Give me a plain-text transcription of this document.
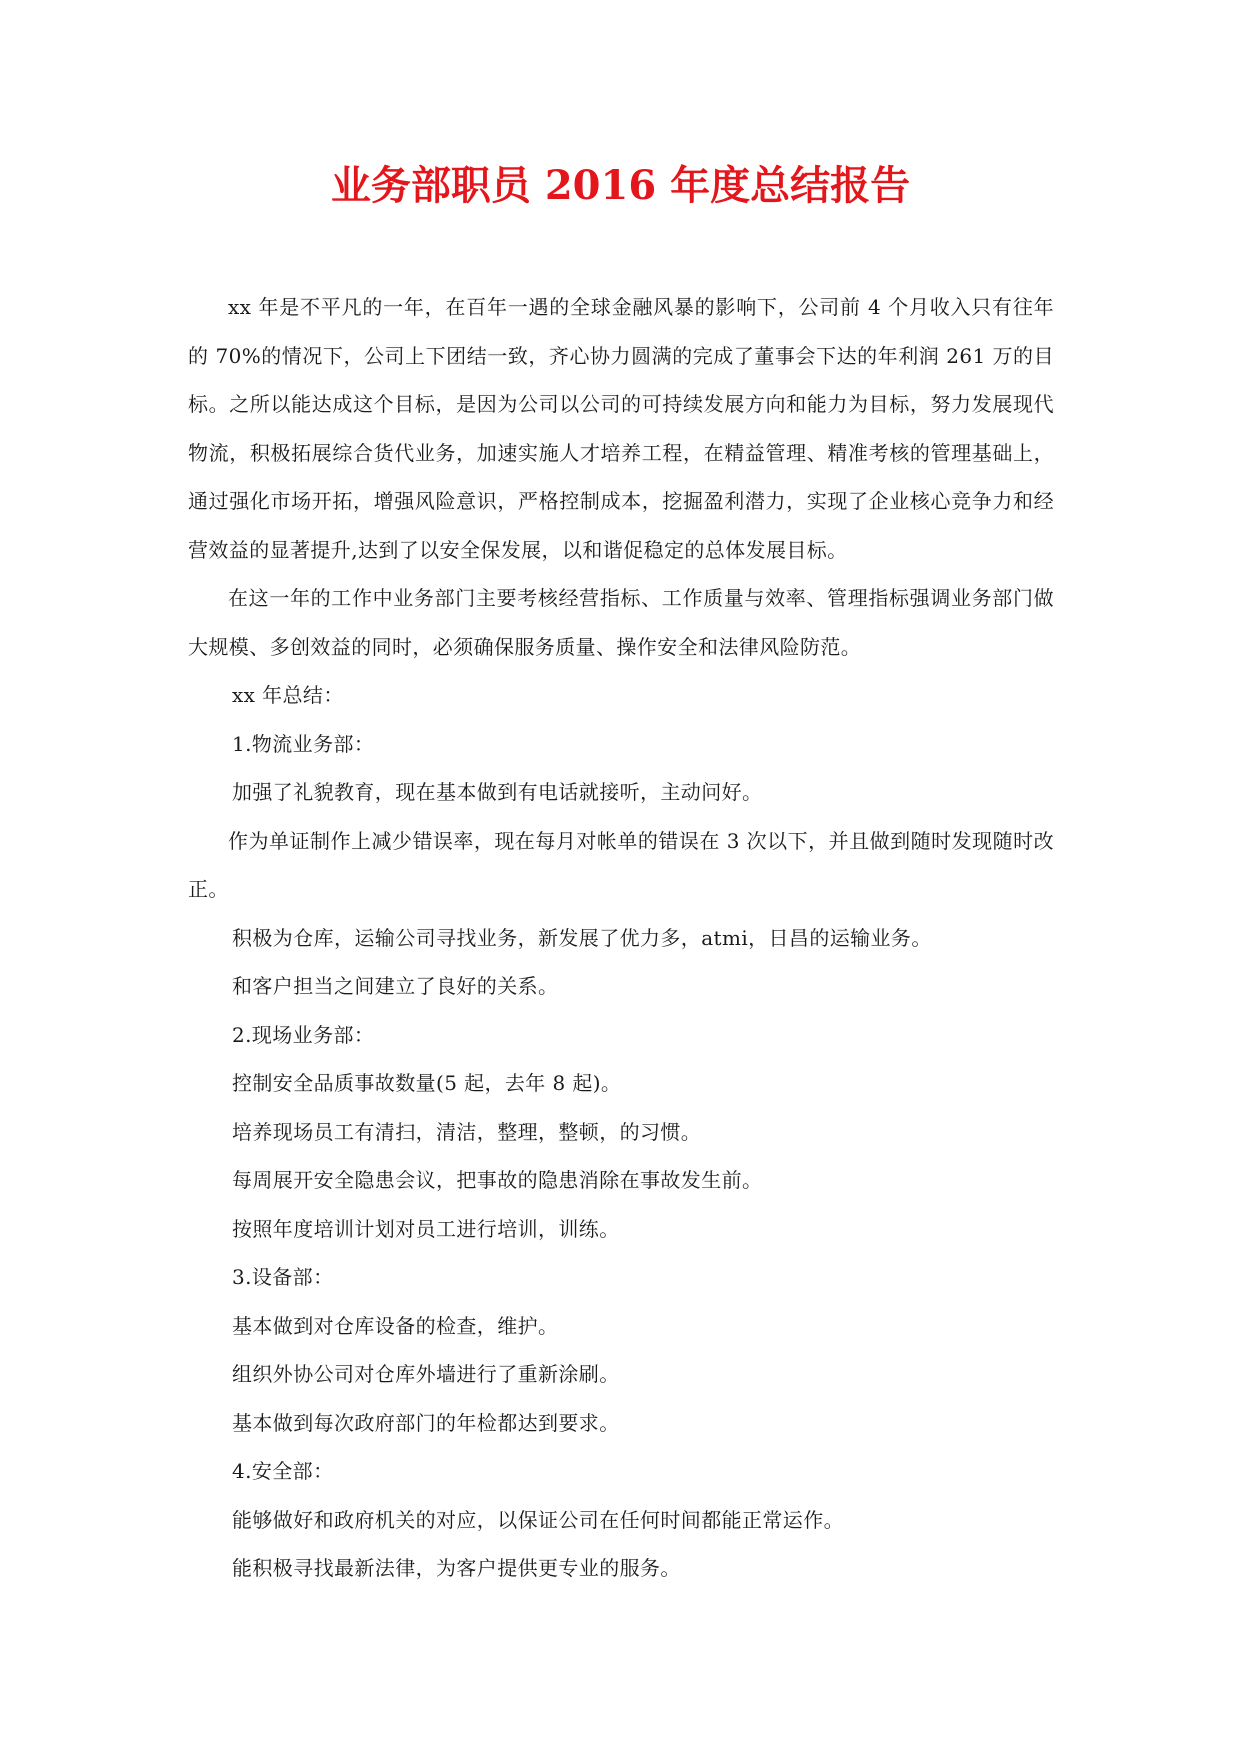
业务部职员 2016 年度总结报告

xx 年是不平凡的一年，在百年一遇的全球金融风暴的影响下，公司前 4 个月收入只有往年的 70%的情况下，公司上下团结一致，齐心协力圆满的完成了董事会下达的年利润 261 万的目标。之所以能达成这个目标，是因为公司以公司的可持续发展方向和能力为目标，努力发展现代物流，积极拓展综合货代业务，加速实施人才培养工程，在精益管理、精准考核的管理基础上，通过强化市场开拓，增强风险意识，严格控制成本，挖掘盈利潜力，实现了企业核心竞争力和经营效益的显著提升,达到了以安全保发展，以和谐促稳定的总体发展目标。

在这一年的工作中业务部门主要考核经营指标、工作质量与效率、管理指标强调业务部门做大规模、多创效益的同时，必须确保服务质量、操作安全和法律风险防范。

xx 年总结：

1.物流业务部：

加强了礼貌教育，现在基本做到有电话就接听，主动问好。

作为单证制作上减少错误率，现在每月对帐单的错误在 3 次以下，并且做到随时发现随时改正。

积极为仓库，运输公司寻找业务，新发展了优力多，atmi，日昌的运输业务。

和客户担当之间建立了良好的关系。

2.现场业务部：

控制安全品质事故数量(5 起，去年 8 起)。

培养现场员工有清扫，清洁，整理，整顿，的习惯。

每周展开安全隐患会议，把事故的隐患消除在事故发生前。

按照年度培训计划对员工进行培训，训练。

3.设备部：

基本做到对仓库设备的检查，维护。

组织外协公司对仓库外墙进行了重新涂刷。

基本做到每次政府部门的年检都达到要求。

4.安全部：

能够做好和政府机关的对应，以保证公司在任何时间都能正常运作。

能积极寻找最新法律，为客户提供更专业的服务。
